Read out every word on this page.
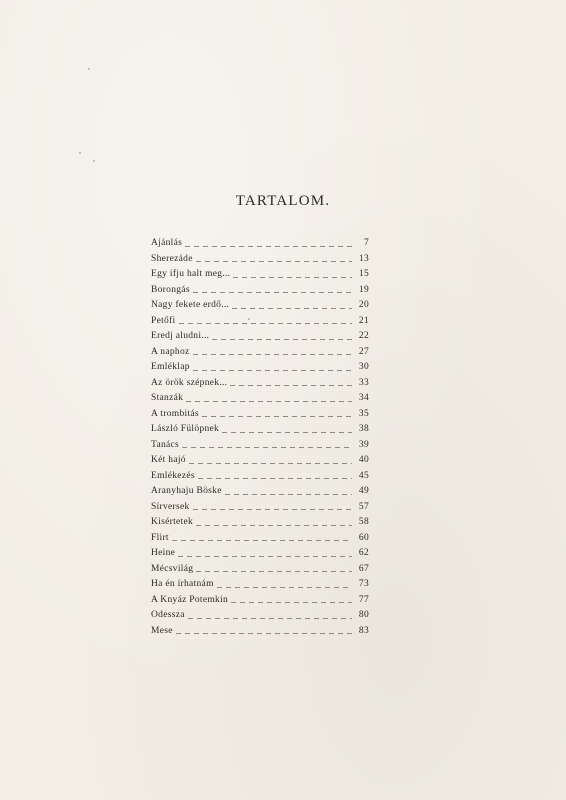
TARTALOM.
Ajánlás	7
Sherezáde	13
Egy ifju halt meg...	15
Borongás	19
Nagy fekete erdő...	20
Petőfi	21
Eredj aludni...	22
A naphoz	27
Emléklap	30
Az örök szépnek...	33
Stanzák	34
A trombitás	35
László Fülöpnek	38
Tanács	39
Két hajó	40
Emlékezés	45
Aranyhaju Böske	49
Sírversek	57
Kisértetek	58
Flirt	60
Heine	62
Mécsvilág	67
Ha én írhatnám	73
A Knyáz Potemkin	77
Odessza	80
Mese	83
